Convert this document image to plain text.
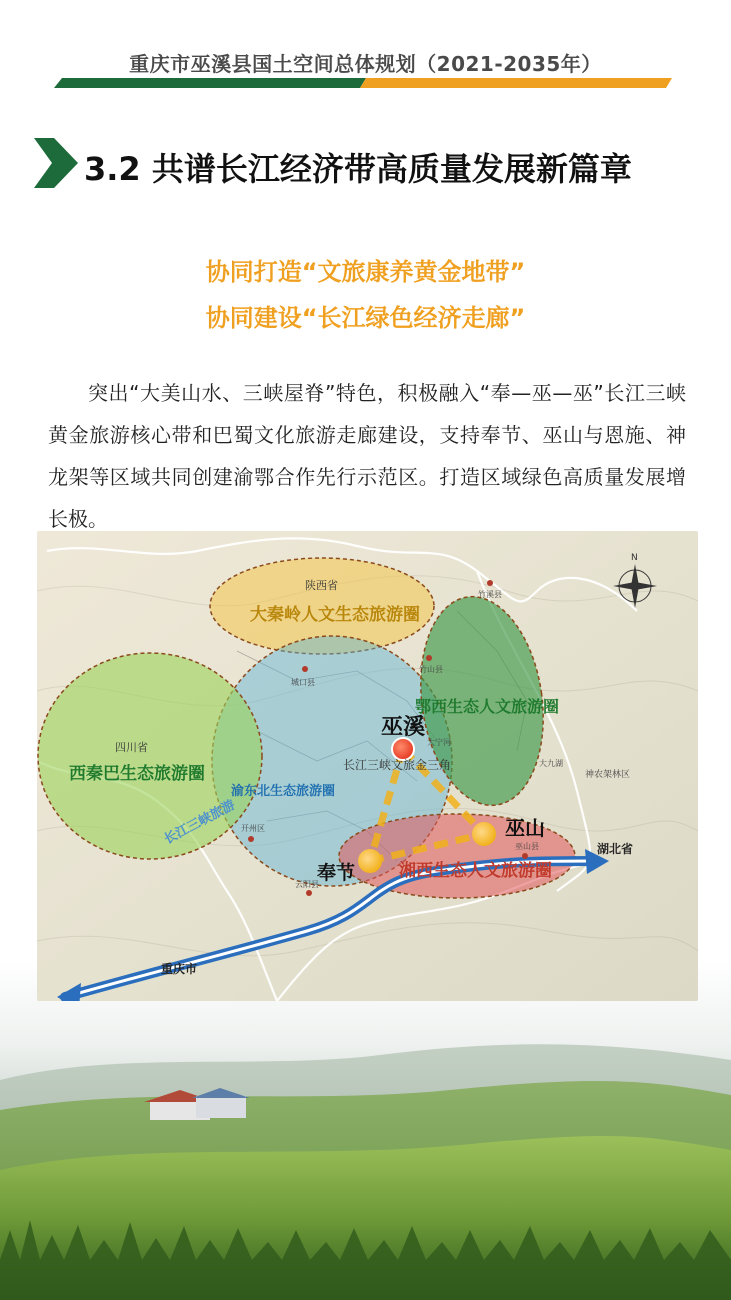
重庆市巫溪县国土空间总体规划（2021-2035年）
3.2 共谱长江经济带高质量发展新篇章
协同打造“文旅康养黄金地带”
协同建设“长江绿色经济走廊”
突出“大美山水、三峡屋脊”特色，积极融入“奉—巫—巫”长江三峡黄金旅游核心带和巴蜀文化旅游走廊建设，支持奉节、巫山与恩施、神龙架等区域共同创建渝鄂合作先行示范区。打造区域绿色高质量发展增长极。
N
陕西省
大秦岭人文生态旅游圈
四川省
西秦巴生态旅游圈
鄂西生态人文旅游圈
渝东北生态旅游圈
长江三峡旅游
长江三峡文旅金三角
巫溪
巫山
奉节	湘西生态人文旅游圈
湖北省
重庆市
神农架林区
城口县
开州区
云阳县
巫山县
竹溪县
竹山县
大宁河
大九湖
